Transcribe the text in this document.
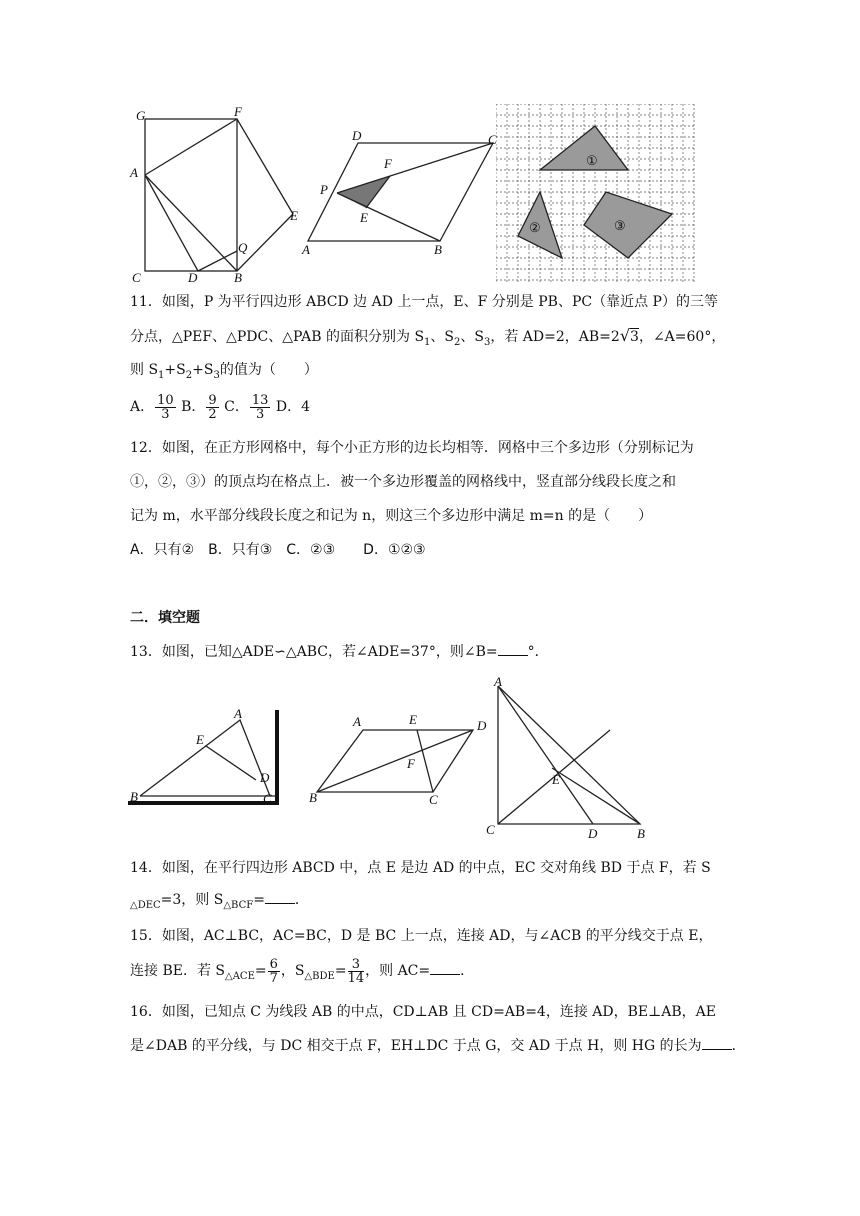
G	F
A
E
Q
C	D	B
D	C
F
P
E
A	B
①
②	③
11．如图，P 为平行四边形 ABCD 边 AD 上一点，E、F 分别是 PB、PC（靠近点 P）的三等
分点，△PEF、△PDC、△PAB 的面积分别为 $S_1$、$S_2$、$S_3$，若 AD=2，AB=2√3，∠A=60°，
则 $S_1+S_2+S_3$的值为（　　）
A． $\frac{10}{3}$ B． $\frac{9}{2}$ C． $\frac{13}{3}$ D．4
12．如图，在正方形网格中，每个小正方形的边长均相等．网格中三个多边形（分别标记为
①，②，③）的顶点均在格点上．被一个多边形覆盖的网格线中，竖直部分线段长度之和
记为 m，水平部分线段长度之和记为 n，则这三个多边形中满足 m=n 的是（　　）
A．只有②　B．只有③　C．②③　　D．①②③
二．填空题
13．如图，已知△ADE∽△ABC，若∠ADE=37°，则∠B= °．
A
E
D
B	C
A	E	D
F
B	C
A
E
C	D	B
14．如图，在平行四边形 ABCD 中，点 E 是边 AD 的中点，EC 交对角线 BD 于点 F，若 S
$_{\triangle DEC}$=3，则 $S_{\triangle BCF}=$ ．
15．如图，AC⊥BC，AC=BC，D 是 BC 上一点，连接 AD，与∠ACB 的平分线交于点 E，
连接 BE．若 $S_{\triangle ACE}= \frac{6}{7}$ ，$S_{\triangle BDE}= \frac{3}{14}$ ，则 AC= ．
16．如图，已知点 C 为线段 AB 的中点，CD⊥AB 且 CD=AB=4，连接 AD，BE⊥AB，AE
是∠DAB 的平分线，与 DC 相交于点 F，EH⊥DC 于点 G，交 AD 于点 H，则 HG 的长为 ．
